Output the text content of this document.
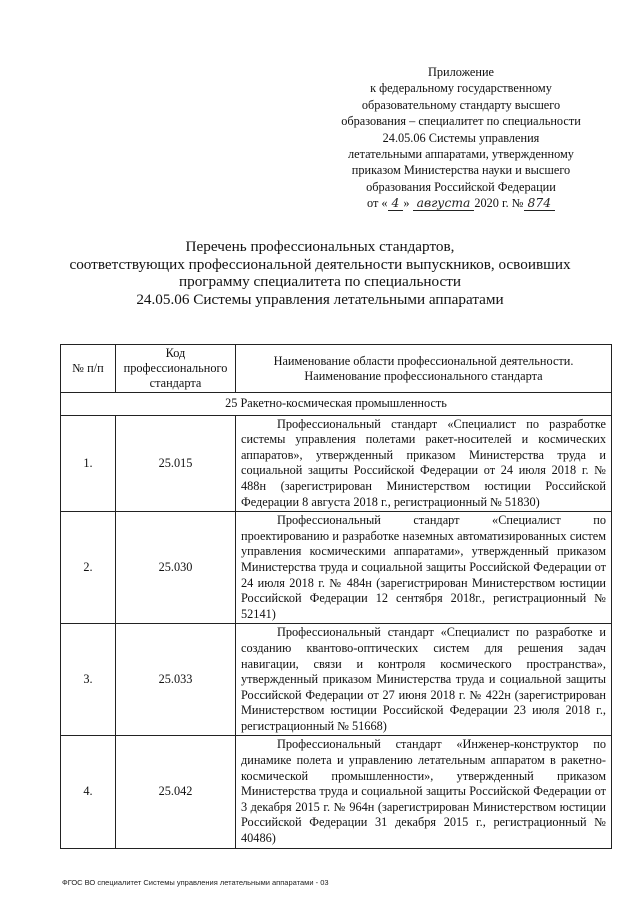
Приложение
к федеральному государственному
образовательному стандарту высшего
образования – специалитет по специальности
24.05.06 Системы управления
летательными аппаратами, утвержденному
приказом Министерства науки и высшего
образования Российской Федерации
от « 4 » августа 2020 г. № 874
Перечень профессиональных стандартов,
соответствующих профессиональной деятельности выпускников, освоивших
программу специалитета по специальности
24.05.06 Системы управления летательными аппаратами
№ п/п	Код профессионального стандарта	Наименование области профессиональной деятельности. Наименование профессионального стандарта
25 Ракетно-космическая промышленность		
1.	25.015	Профессиональный стандарт «Специалист по разработке системы управления полетами ракет-носителей и космических аппаратов», утвержденный приказом Министерства труда и социальной защиты Российской Федерации от 24 июля 2018 г. № 488н (зарегистрирован Министерством юстиции Российской Федерации 8 августа 2018 г., регистрационный № 51830)
2.	25.030	Профессиональный стандарт «Специалист по проектированию и разработке наземных автоматизированных систем управления космическими аппаратами», утвержденный приказом Министерства труда и социальной защиты Российской Федерации от 24 июля 2018 г. № 484н (зарегистрирован Министерством юстиции Российской Федерации 12 сентября 2018г., регистрационный № 52141)
3.	25.033	Профессиональный стандарт «Специалист по разработке и созданию квантово-оптических систем для решения задач навигации, связи и контроля космического пространства», утвержденный приказом Министерства труда и социальной защиты Российской Федерации от 27 июня 2018 г. № 422н (зарегистрирован Министерством юстиции Российской Федерации 23 июля 2018 г., регистрационный № 51668)
4.	25.042	Профессиональный стандарт «Инженер-конструктор по динамике полета и управлению летательным аппаратом в ракетно-космической промышленности», утвержденный приказом Министерства труда и социальной защиты Российской Федерации от 3 декабря 2015 г. № 964н (зарегистрирован Министерством юстиции Российской Федерации 31 декабря 2015 г., регистрационный № 40486)
ФГОС ВО специалитет Системы управления летательными аппаратами - 03
